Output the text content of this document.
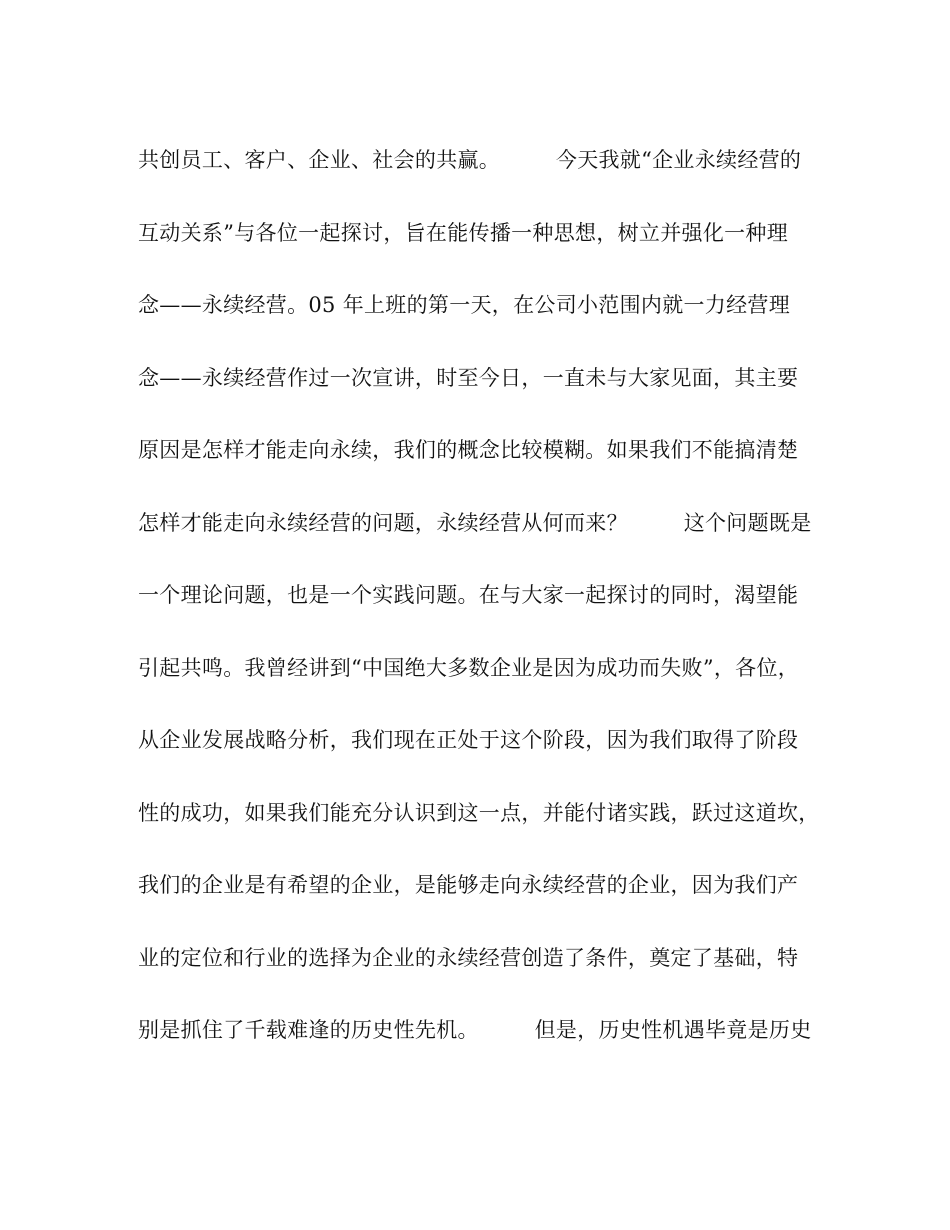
共创员工、客户、企业、社会的共赢。        今天我就“企业永续经营的
互动关系”与各位一起探讨，旨在能传播一种思想，树立并强化一种理
念——永续经营。05 年上班的第一天，在公司小范围内就一力经营理
念——永续经营作过一次宣讲，时至今日，一直未与大家见面，其主要
原因是怎样才能走向永续，我们的概念比较模糊。如果我们不能搞清楚
怎样才能走向永续经营的问题，永续经营从何而来？        这个问题既是
一个理论问题，也是一个实践问题。在与大家一起探讨的同时，渴望能
引起共鸣。我曾经讲到“中国绝大多数企业是因为成功而失败”，各位，
从企业发展战略分析，我们现在正处于这个阶段，因为我们取得了阶段
性的成功，如果我们能充分认识到这一点，并能付诸实践，跃过这道坎，
我们的企业是有希望的企业，是能够走向永续经营的企业，因为我们产
业的定位和行业的选择为企业的永续经营创造了条件，奠定了基础，特
别是抓住了千载难逢的历史性先机。        但是，历史性机遇毕竟是历史
